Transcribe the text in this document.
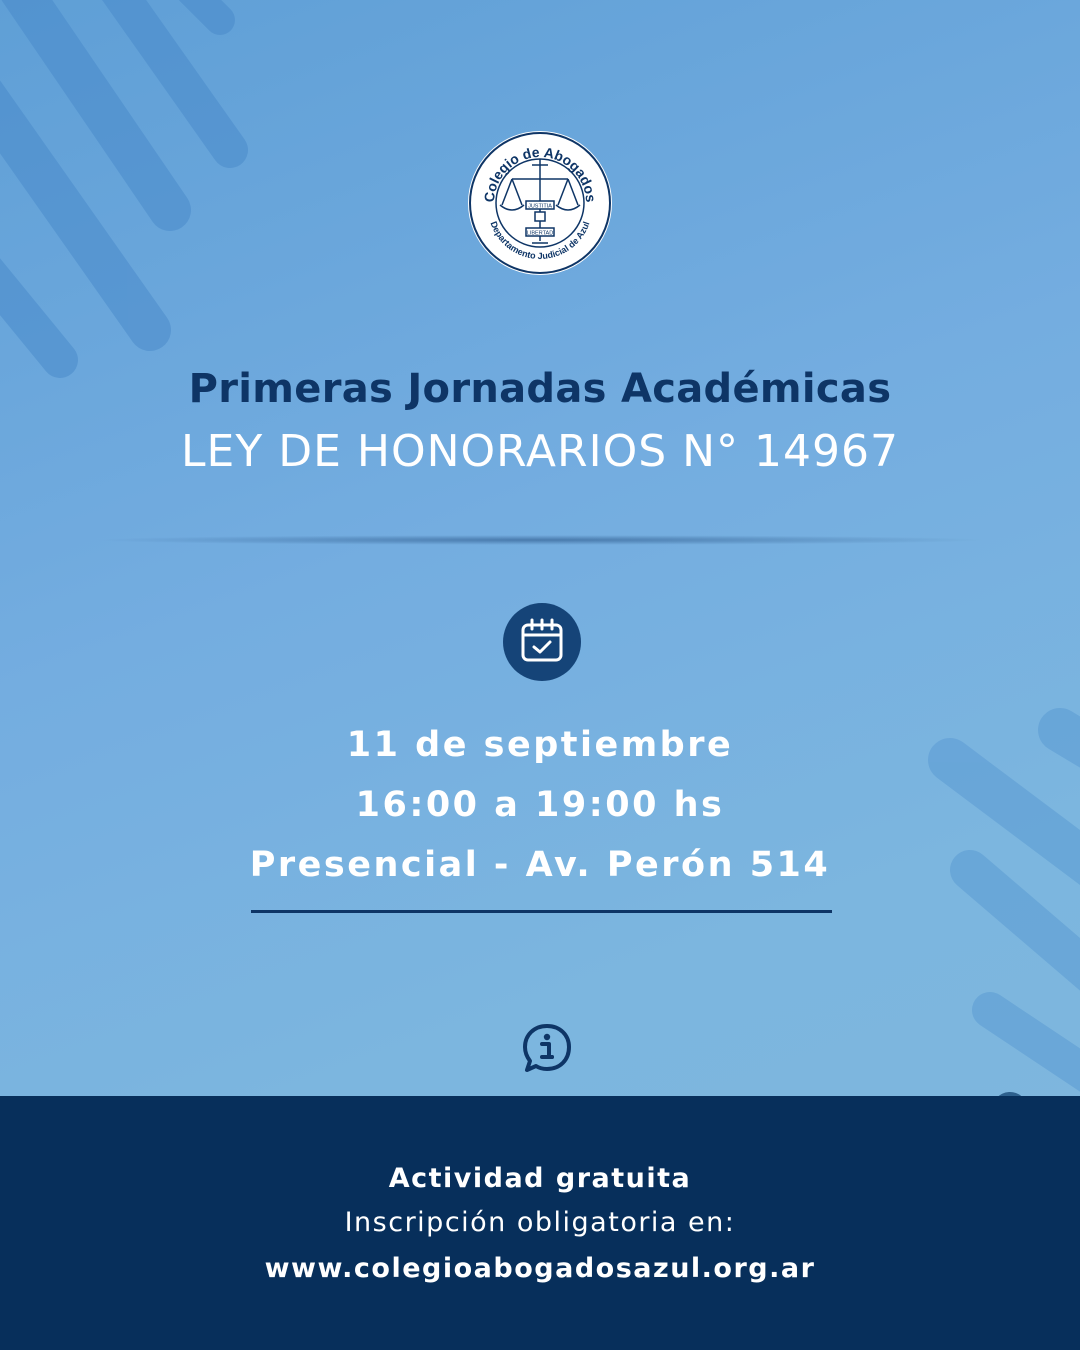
Colegio de Abogados
Departamento Judicial de Azul
JUSTITIA
LIBERTAD
Primeras Jornadas Académicas
LEY DE HONORARIOS N° 14967
11 de septiembre
16:00 a 19:00 hs
Presencial - Av. Perón 514
Actividad gratuita
Inscripción obligatoria en:
www.colegioabogadosazul.org.ar
